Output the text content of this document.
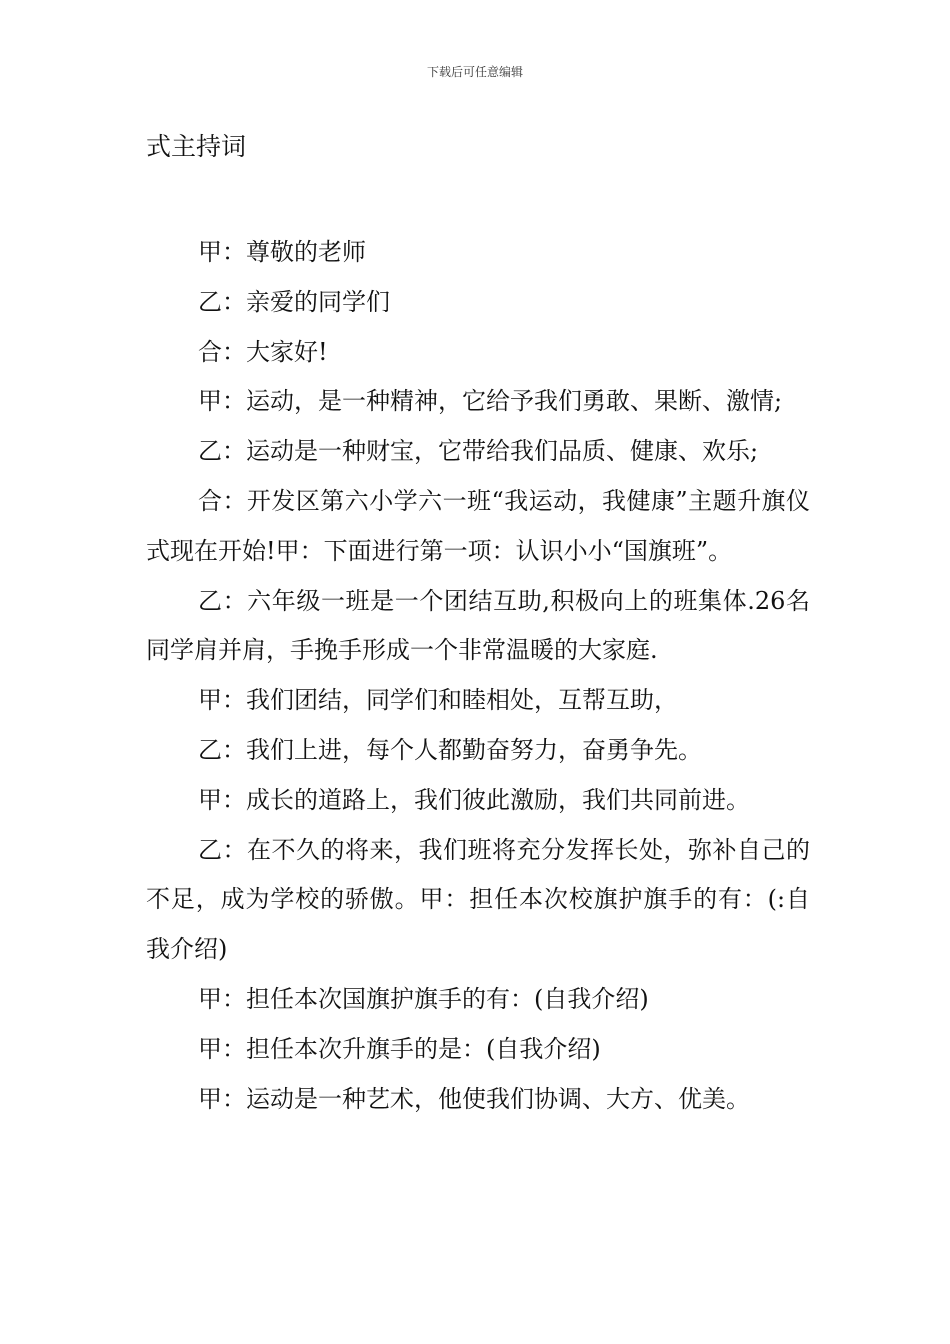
下载后可任意编辑
式主持词

甲：尊敬的老师

乙：亲爱的同学们

合：大家好!

甲：运动，是一种精神，它给予我们勇敢、果断、激情;

乙：运动是一种财宝，它带给我们品质、健康、欢乐;

合：开发区第六小学六一班“我运动，我健康”主题升旗仪式现在开始!甲：下面进行第一项：认识小小“国旗班”。

乙：六年级一班是一个团结互助,积极向上的班集体.26名同学肩并肩，手挽手形成一个非常温暖的大家庭.

甲：我们团结，同学们和睦相处，互帮互助，

乙：我们上进，每个人都勤奋努力，奋勇争先。

甲：成长的道路上，我们彼此激励，我们共同前进。

乙：在不久的将来，我们班将充分发挥长处，弥补自己的不足，成为学校的骄傲。甲：担任本次校旗护旗手的有：(:自我介绍)

甲：担任本次国旗护旗手的有：(自我介绍)

甲：担任本次升旗手的是：(自我介绍)

甲：运动是一种艺术，他使我们协调、大方、优美。
